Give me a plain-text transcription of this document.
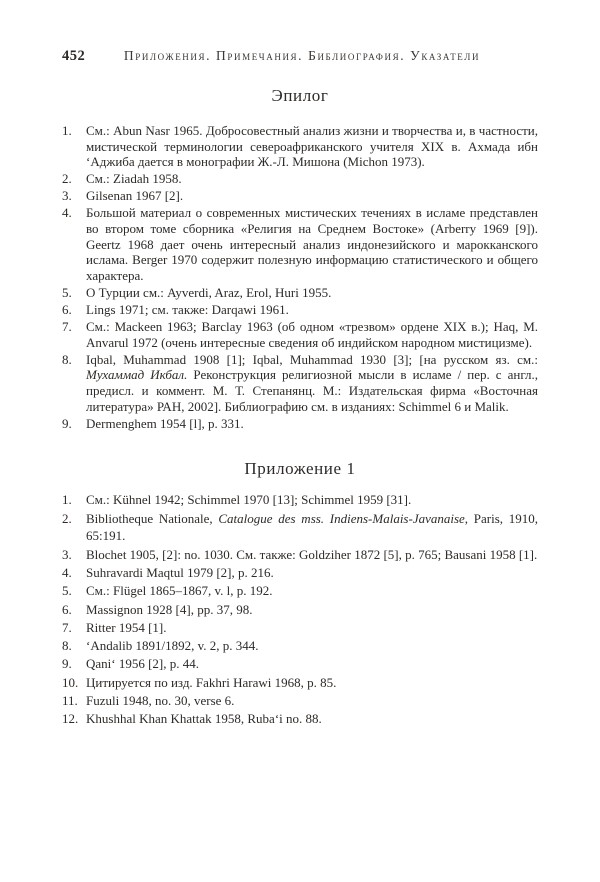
452	Приложения. Примечания. Библиография. Указатели
Эпилог
1.	См.: Abun Nasr 1965. Добросовестный анализ жизни и творчества и, в частности, мистической терминологии североафриканского учителя XIX в. Ахмада ибн ‘Аджиба дается в монографии Ж.-Л. Мишона (Michon 1973).
2.	См.: Ziadah 1958.
3.	Gilsenan 1967 [2].
4.	Большой материал о современных мистических течениях в исламе представлен во втором томе сборника «Религия на Среднем Востоке» (Arberry 1969 [9]). Geertz 1968 дает очень интересный анализ индонезийского и марокканского ислама. Berger 1970 содержит полезную информацию статистического и общего характера.
5.	О Турции см.: Ayverdi, Araz, Erol, Huri 1955.
6.	Lings 1971; см. также: Darqawi 1961.
7.	См.: Mackeen 1963; Barclay 1963 (об одном «трезвом» ордене XIX в.); Haq, M. Anvarul 1972 (очень интересные сведения об индийском народном мистицизме).
8.	Iqbal, Muhammad 1908 [1]; Iqbal, Muhammad 1930 [3]; [на русском яз. см.: Мухаммад Икбал. Реконструкция религиозной мысли в исламе / пер. с англ., предисл. и коммент. М. Т. Степанянц. М.: Издательская фирма «Восточная литература» РАН, 2002]. Библиографию см. в изданиях: Schimmel 6 и Malik.
9.	Dermenghem 1954 [l], p. 331.
Приложение 1
1.	См.: Kühnel 1942; Schimmel 1970 [13]; Schimmel 1959 [31].
2.	Bibliotheque Nationale, Catalogue des mss. Indiens-Malais-Javanaise, Paris, 1910, 65:191.
3.	Blochet 1905, [2]: no. 1030. См. также: Goldziher 1872 [5], p. 765; Bausani 1958 [1].
4.	Suhravardi Maqtul 1979 [2], p. 216.
5.	См.: Flügel 1865–1867, v. l, p. 192.
6.	Massignon 1928 [4], pp. 37, 98.
7.	Ritter 1954 [1].
8.	‘Andalib 1891/1892, v. 2, p. 344.
9.	Qani‘ 1956 [2], p. 44.
10. Цитируется по изд. Fakhri Harawi 1968, p. 85.
11. Fuzuli 1948, no. 30, verse 6.
12. Khushhal Khan Khattak 1958, Ruba‘i no. 88.
